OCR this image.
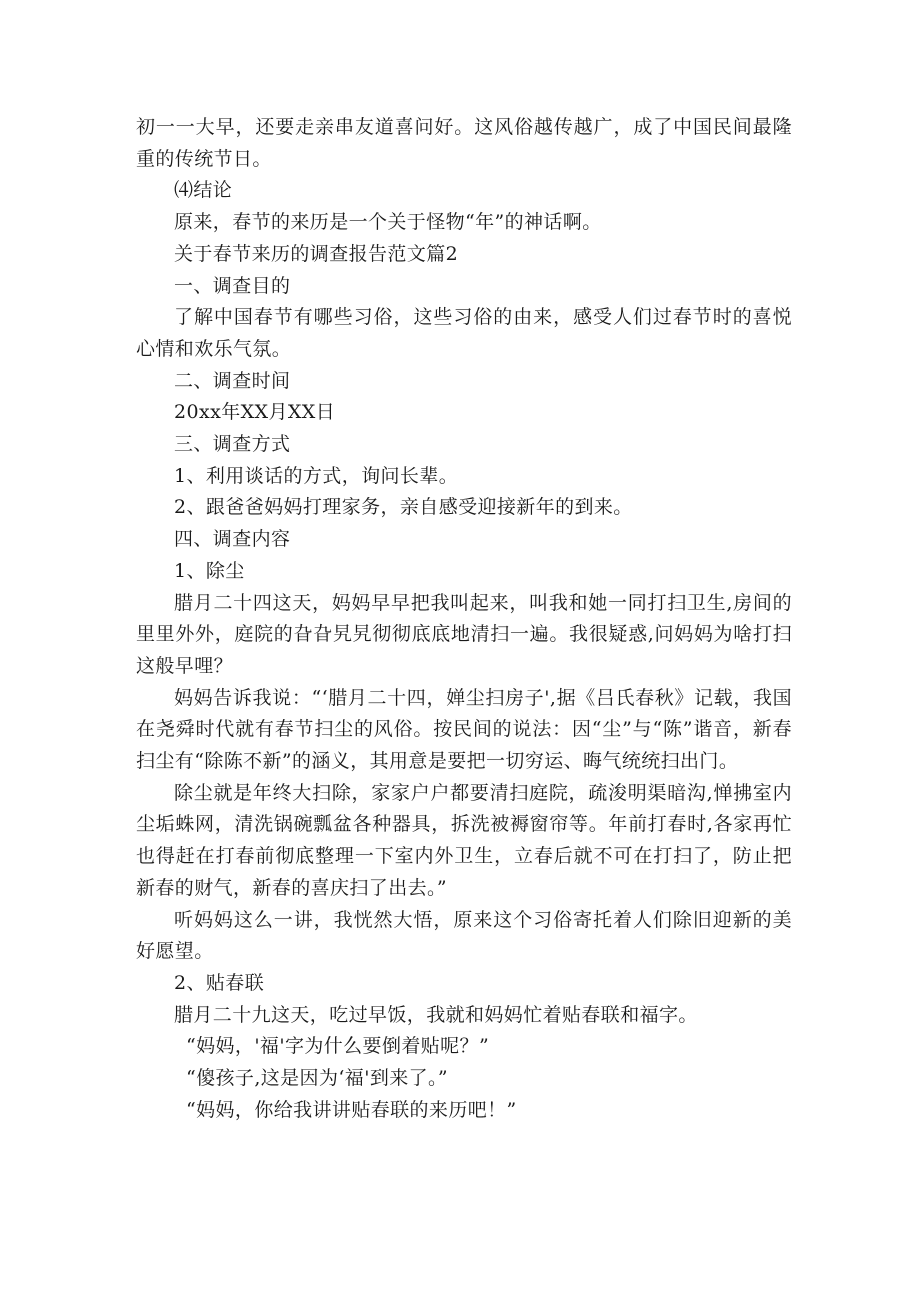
初一一大早，还要走亲串友道喜问好。这风俗越传越广，成了中国民间最隆重的传统节日。

⑷结论

原来，春节的来历是一个关于怪物“年”的神话啊。

关于春节来历的调查报告范文篇2

一、调查目的

了解中国春节有哪些习俗，这些习俗的由来，感受人们过春节时的喜悦心情和欢乐气氛。

二、调查时间

20xx年XX月XX日

三、调查方式

1、利用谈话的方式，询问长辈。

2、跟爸爸妈妈打理家务，亲自感受迎接新年的到来。

四、调查内容

1、除尘

腊月二十四这天，妈妈早早把我叫起来，叫我和她一同打扫卫生,房间的里里外外，庭院的旮旮旯旯彻彻底底地清扫一遍。我很疑惑,问妈妈为啥打扫这般早哩？

妈妈告诉我说：“‘腊月二十四，婵尘扫房子',据《吕氏春秋》记载，我国在尧舜时代就有春节扫尘的风俗。按民间的说法：因“尘”与“陈”谐音，新春扫尘有“除陈不新”的涵义，其用意是要把一切穷运、晦气统统扫出门。

除尘就是年终大扫除，家家户户都要清扫庭院，疏浚明渠暗沟,惮拂室内尘垢蛛网，清洗锅碗瓢盆各种器具，拆洗被褥窗帘等。年前打春时,各家再忙也得赶在打春前彻底整理一下室内外卫生，立春后就不可在打扫了，防止把新春的财气，新春的喜庆扫了出去。”

听妈妈这么一讲，我恍然大悟，原来这个习俗寄托着人们除旧迎新的美好愿望。

2、贴春联

腊月二十九这天，吃过早饭，我就和妈妈忙着贴春联和福字。

“妈妈，'福'字为什么要倒着贴呢？”

“傻孩子,这是因为‘福'到来了。”

“妈妈，你给我讲讲贴春联的来历吧！”
